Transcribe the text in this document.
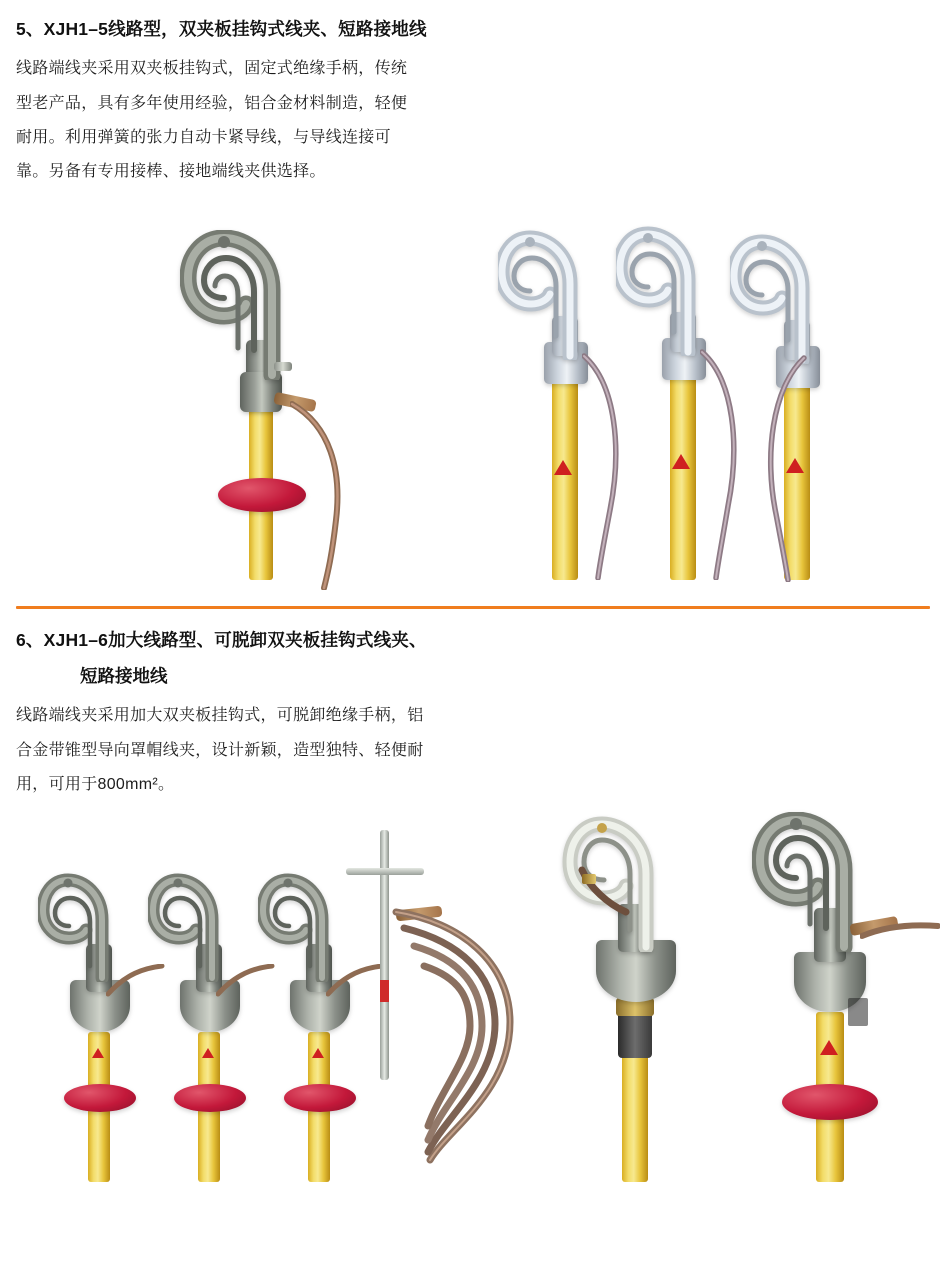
5、XJH1–5线路型，双夹板挂钩式线夹、短路接地线

线路端线夹采用双夹板挂钩式，固定式绝缘手柄，传统

型老产品，具有多年使用经验，铝合金材料制造，轻便

耐用。利用弹簧的张力自动卡紧导线，与导线连接可

靠。另备有专用接棒、接地端线夹供选择。

6、XJH1–6加大线路型、可脱卸双夹板挂钩式线夹、
短路接地线

线路端线夹采用加大双夹板挂钩式，可脱卸绝缘手柄，铝

合金带锥型导向罩帽线夹，设计新颖，造型独特、轻便耐

用，可用于800mm²。
